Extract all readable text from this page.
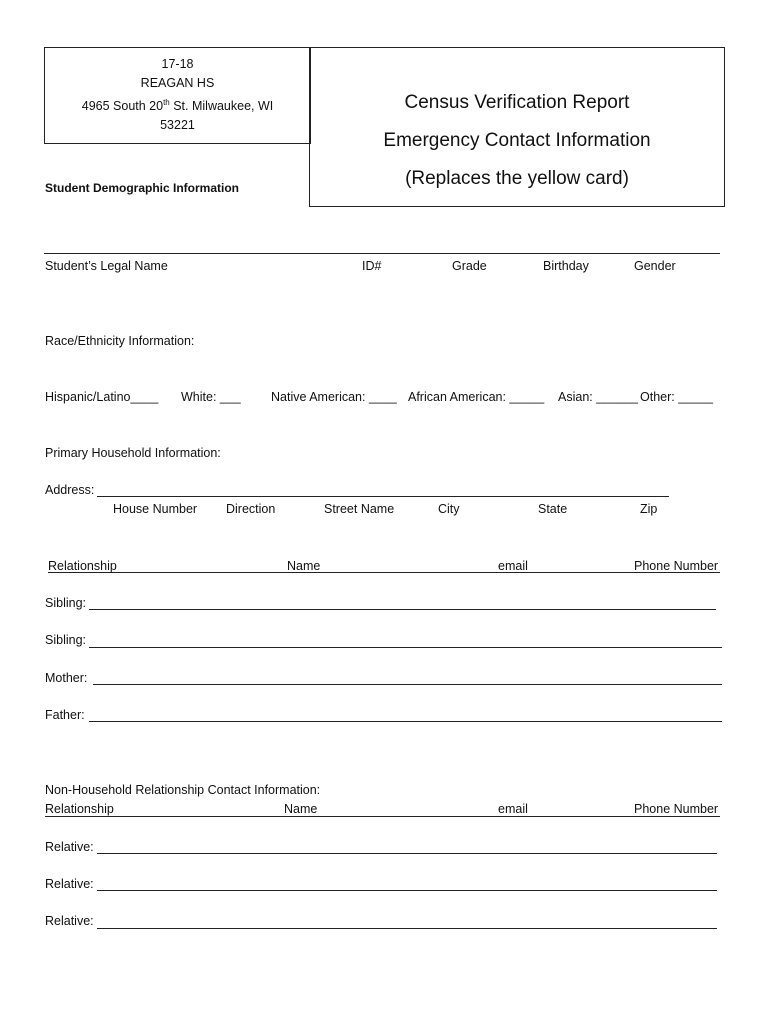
17-18
REAGAN HS
4965 South 20th St. Milwaukee, WI
53221
Census Verification Report
Emergency Contact Information
(Replaces the yellow card)
Student Demographic Information
Student’s Legal Name	ID#	Grade	Birthday	Gender
Race/Ethnicity Information:
Hispanic/Latino____ White: ___ Native American: ____ African American: _____ Asian: ______ Other: _____
Primary Household Information:
Address:
House Number Direction	Street Name	City	State	Zip
Relationship	Name	email	Phone Number
Sibling:
Sibling:
Mother:
Father:
Non-Household Relationship Contact Information:
Relationship	Name	email	Phone Number
Relative:
Relative:
Relative:
